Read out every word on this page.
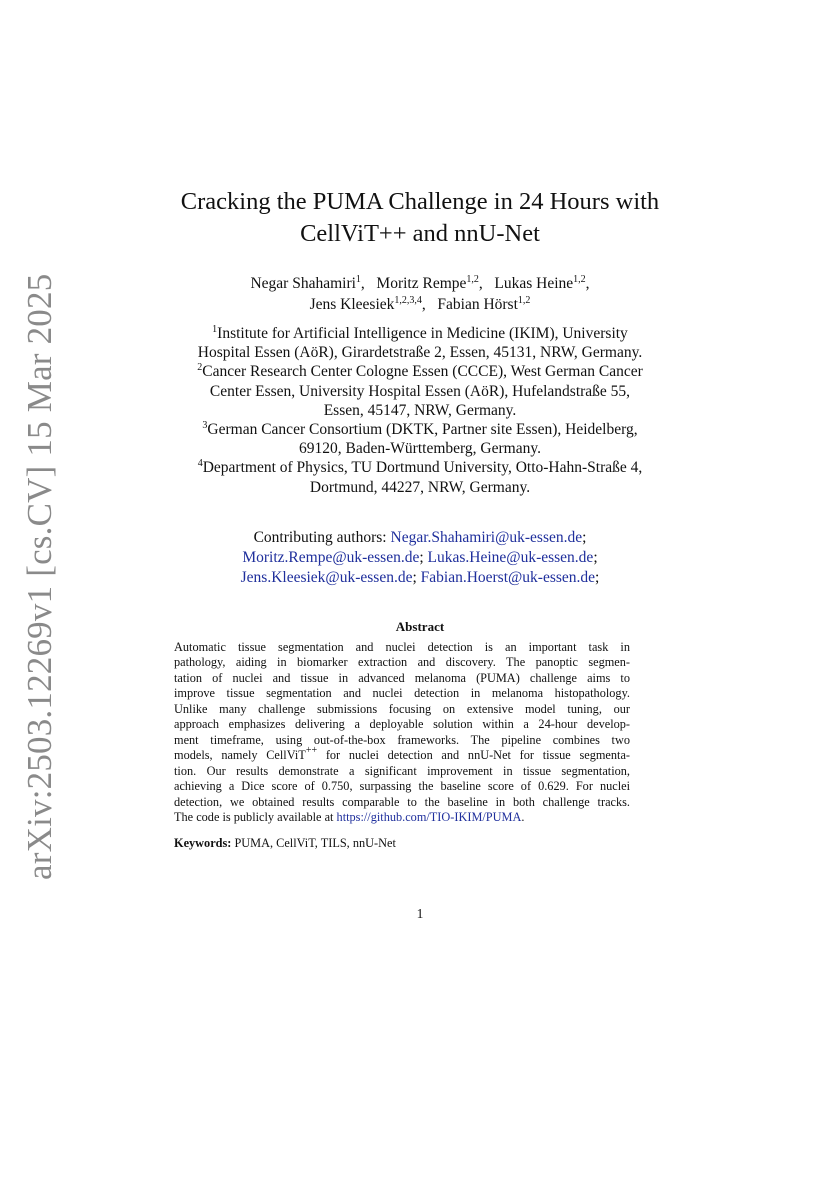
arXiv:2503.12269v1 [cs.CV] 15 Mar 2025
Cracking the PUMA Challenge in 24 Hours with
CellViT++ and nnU-Net
Negar Shahamiri$^1$,   Moritz Rempe$^{1,2}$,   Lukas Heine$^{1,2}$,
Jens Kleesiek$^{1,2,3,4}$,   Fabian Hörst$^{1,2}$
$^1$Institute for Artificial Intelligence in Medicine (IKIM), University
Hospital Essen (AöR), Girardetstraße 2, Essen, 45131, NRW, Germany.
$^2$Cancer Research Center Cologne Essen (CCCE), West German Cancer
Center Essen, University Hospital Essen (AöR), Hufelandstraße 55,
Essen, 45147, NRW, Germany.
$^3$German Cancer Consortium (DKTK, Partner site Essen), Heidelberg,
69120, Baden-Württemberg, Germany.
$^4$Department of Physics, TU Dortmund University, Otto-Hahn-Straße 4,
Dortmund, 44227, NRW, Germany.
Contributing authors: Negar.Shahamiri@uk-essen.de;
Moritz.Rempe@uk-essen.de; Lukas.Heine@uk-essen.de;
Jens.Kleesiek@uk-essen.de; Fabian.Hoerst@uk-essen.de;
Abstract
Automatic tissue segmentation and nuclei detection is an important task in
pathology, aiding in biomarker extraction and discovery. The panoptic segmen-
tation of nuclei and tissue in advanced melanoma (PUMA) challenge aims to
improve tissue segmentation and nuclei detection in melanoma histopathology.
Unlike many challenge submissions focusing on extensive model tuning, our
approach emphasizes delivering a deployable solution within a 24-hour develop-
ment timeframe, using out-of-the-box frameworks. The pipeline combines two
models, namely CellViT++ for nuclei detection and nnU-Net for tissue segmenta-
tion. Our results demonstrate a significant improvement in tissue segmentation,
achieving a Dice score of 0.750, surpassing the baseline score of 0.629. For nuclei
detection, we obtained results comparable to the baseline in both challenge tracks.
The code is publicly available at https://github.com/TIO-IKIM/PUMA.
Keywords: PUMA, CellViT, TILS, nnU-Net
1
